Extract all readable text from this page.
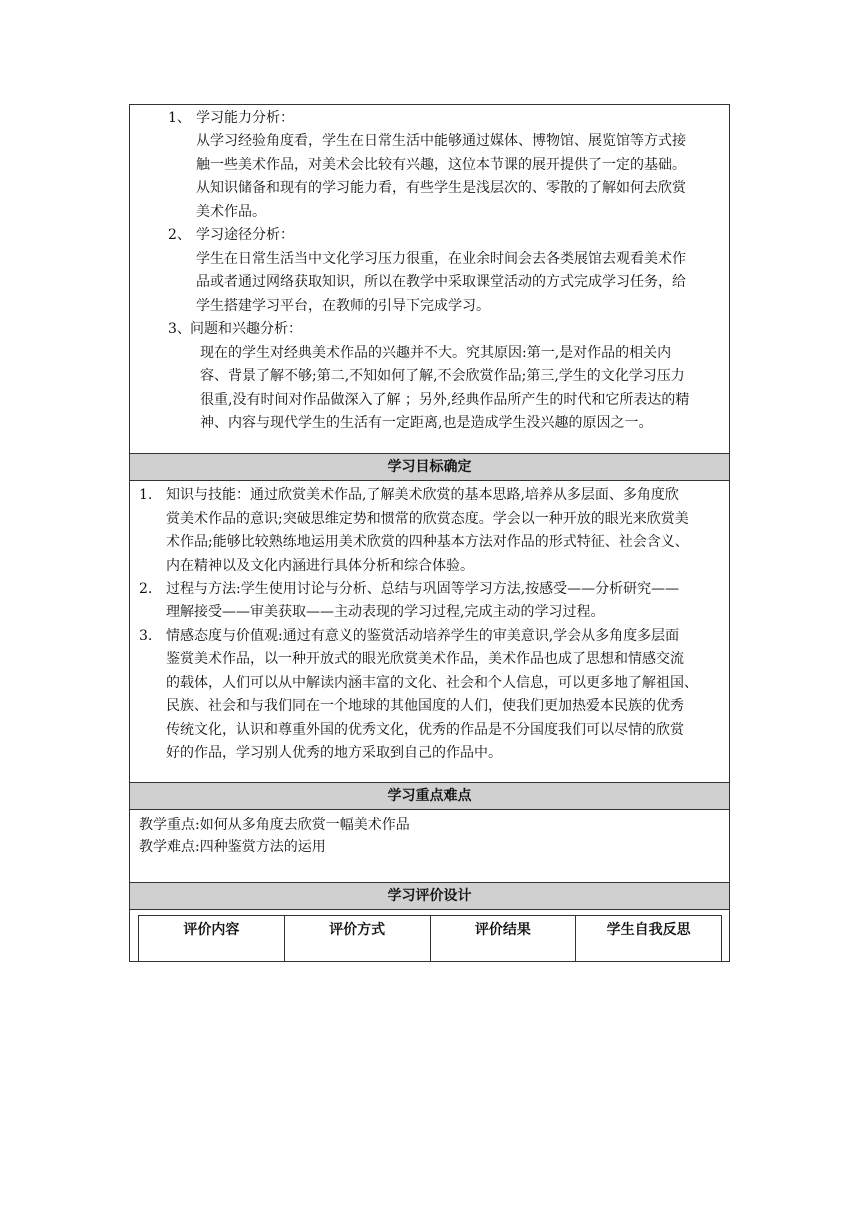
1、 学习能力分析：
从学习经验角度看，学生在日常生活中能够通过媒体、博物馆、展览馆等方式接
触一些美术作品，对美术会比较有兴趣，这位本节课的展开提供了一定的基础。
从知识储备和现有的学习能力看，有些学生是浅层次的、零散的了解如何去欣赏
美术作品。
2、 学习途径分析：
学生在日常生活当中文化学习压力很重，在业余时间会去各类展馆去观看美术作
品或者通过网络获取知识，所以在教学中采取课堂活动的方式完成学习任务，给
学生搭建学习平台，在教师的引导下完成学习。
3、 问题和兴趣分析：
现在的学生对经典美术作品的兴趣并不大。究其原因:第一,是对作品的相关内
容、背景了解不够;第二,不知如何了解,不会欣赏作品;第三,学生的文化学习压力
很重,没有时间对作品做深入了解 ；另外,经典作品所产生的时代和它所表达的精
神、内容与现代学生的生活有一定距离,也是造成学生没兴趣的原因之一。
学习目标确定
1. 知识与技能：通过欣赏美术作品,了解美术欣赏的基本思路,培养从多层面、多角度欣
赏美术作品的意识;突破思维定势和惯常的欣赏态度。学会以一种开放的眼光来欣赏美
术作品;能够比较熟练地运用美术欣赏的四种基本方法对作品的形式特征、社会含义、
内在精神以及文化内涵进行具体分析和综合体验。
2. 过程与方法:学生使用讨论与分析、总结与巩固等学习方法,按感受——分析研究——
理解接受——审美获取——主动表现的学习过程,完成主动的学习过程。
3. 情感态度与价值观:通过有意义的鉴赏活动培养学生的审美意识,学会从多角度多层面
鉴赏美术作品，以一种开放式的眼光欣赏美术作品，美术作品也成了思想和情感交流
的载体，人们可以从中解读内涵丰富的文化、社会和个人信息，可以更多地了解祖国、
民族、社会和与我们同在一个地球的其他国度的人们，使我们更加热爱本民族的优秀
传统文化，认识和尊重外国的优秀文化，优秀的作品是不分国度我们可以尽情的欣赏
好的作品，学习别人优秀的地方采取到自己的作品中。
学习重点难点
教学重点:如何从多角度去欣赏一幅美术作品
教学难点:四种鉴赏方法的运用
学习评价设计
评价内容	评价方式	评价结果	学生自我反思
